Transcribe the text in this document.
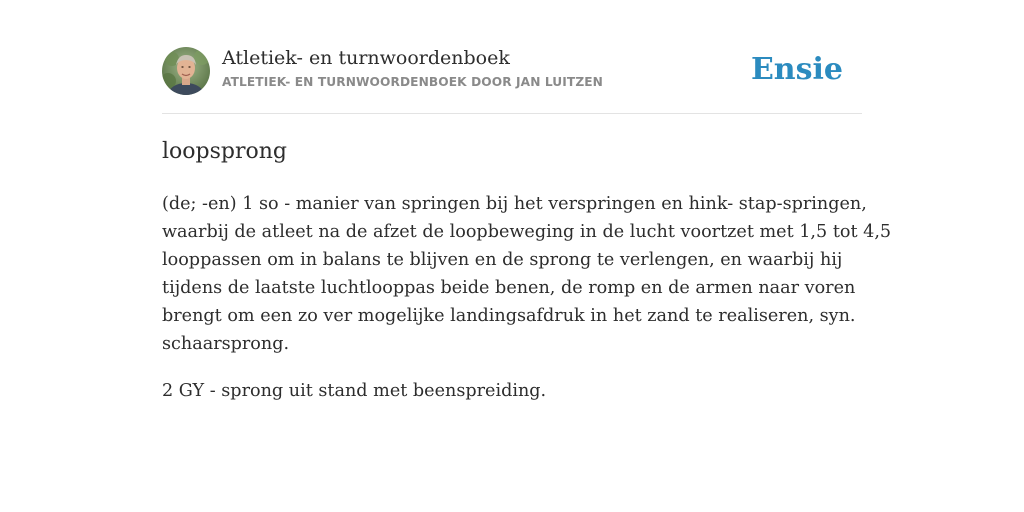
Atletiek- en turnwoordenboek
ATLETIEK- EN TURNWOORDENBOEK DOOR JAN LUITZEN	Ensie
loopsprong

(de; -en) 1 so - manier van springen bij het verspringen en hink- stap-springen,
waarbij de atleet na de afzet de loopbeweging in de lucht voortzet met 1,5 tot 4,5
looppassen om in balans te blijven en de sprong te verlengen, en waarbij hij
tijdens de laatste luchtlooppas beide benen, de romp en de armen naar voren
brengt om een zo ver mogelijke landingsafdruk in het zand te realiseren, syn.
schaarsprong.

2 GY - sprong uit stand met beenspreiding.
